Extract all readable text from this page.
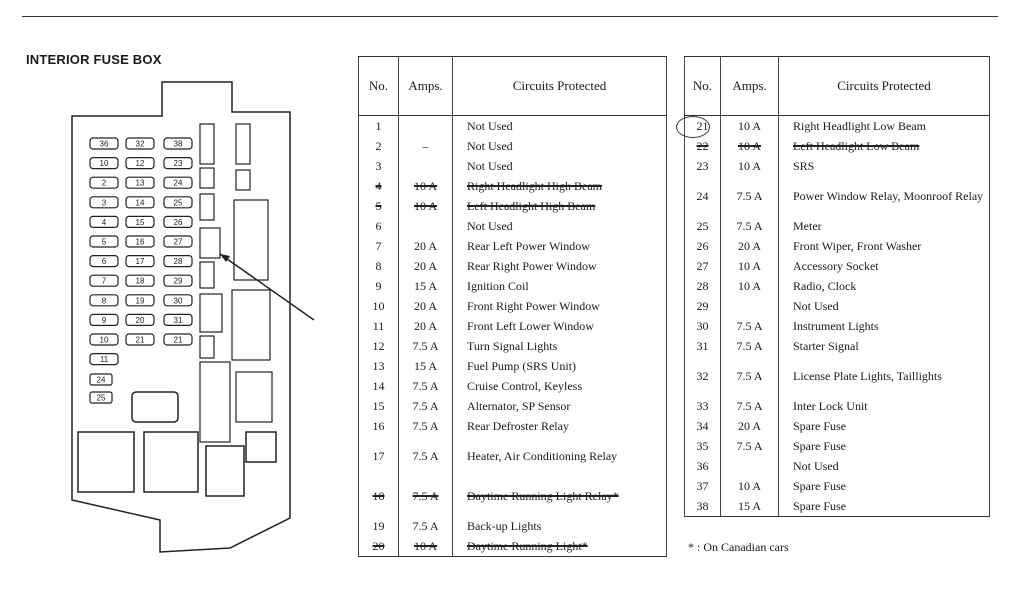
INTERIOR FUSE BOX
36
10
2
3
4
5
6
7
8
9
10
11
32
12
13
14
15
16
17
18
19
20
21
38
23
24
25
26
27
28
29
30
31
21
24
25
No.	Amps.	Circuits Protected
1		Not Used
2	–	Not Used
3		Not Used
4	10 A	Right Headlight High Beam
5	10 A	Left Headlight High Beam
6		Not Used
7	20 A	Rear Left Power Window
8	20 A	Rear Right Power Window
9	15 A	Ignition Coil
10	20 A	Front Right Power Window
11	20 A	Front Left Lower Window
12	7.5 A	Turn Signal Lights
13	15 A	Fuel Pump (SRS Unit)
14	7.5 A	Cruise Control, Keyless
15	7.5 A	Alternator, SP Sensor
16	7.5 A	Rear Defroster Relay
17	7.5 A	Heater, Air Conditioning Relay
18	7.5 A	Daytime Running Light Relay*
19	7.5 A	Back-up Lights
20	10 A	Daytime Running Light*
No.	Amps.	Circuits Protected
21	10 A	Right Headlight Low Beam
22	10 A	Left Headlight Low Beam
23	10 A	SRS
24	7.5 A	Power Window Relay, Moonroof Relay
25	7.5 A	Meter
26	20 A	Front Wiper, Front Washer
27	10 A	Accessory Socket
28	10 A	Radio, Clock
29		Not Used
30	7.5 A	Instrument Lights
31	7.5 A	Starter Signal
32	7.5 A	License Plate Lights, Taillights
33	7.5 A	Inter Lock Unit
34	20 A	Spare Fuse
35	7.5 A	Spare Fuse
36		Not Used
37	10 A	Spare Fuse
38	15 A	Spare Fuse
* : On Canadian cars
